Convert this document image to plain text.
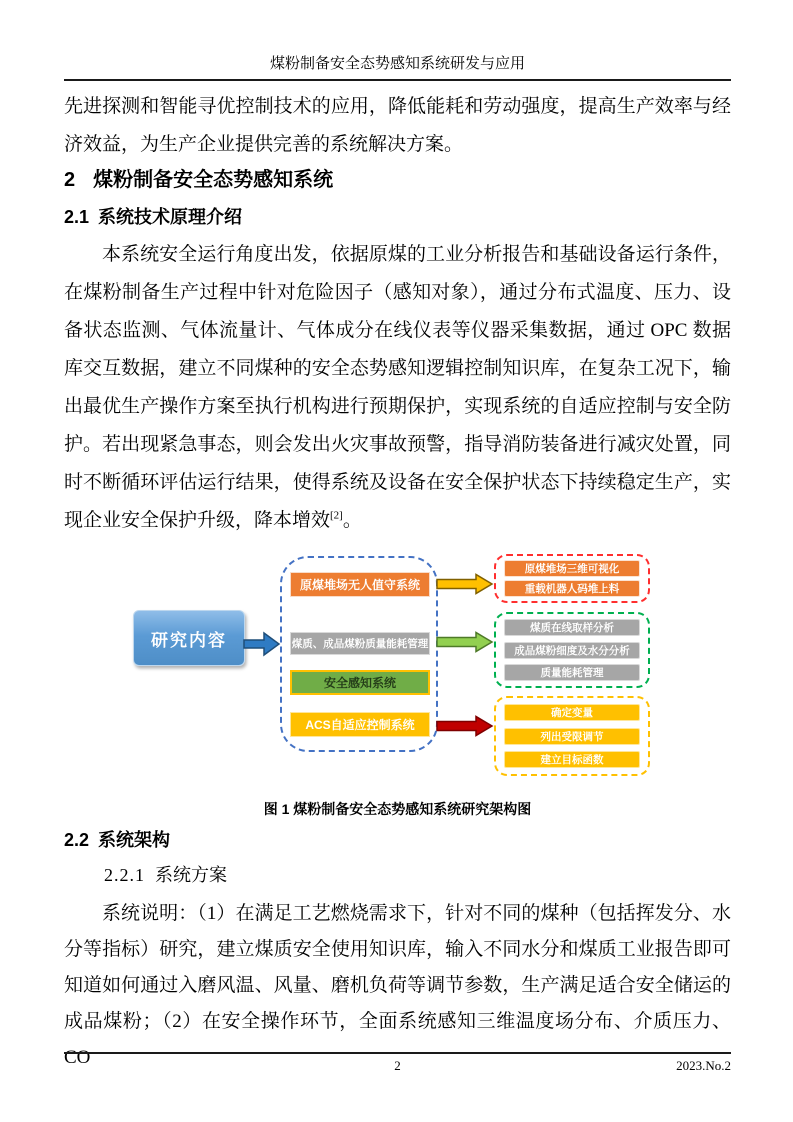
煤粉制备安全态势感知系统研发与应用

先进探测和智能寻优控制技术的应用，降低能耗和劳动强度，提高生产效率与经济效益，为生产企业提供完善的系统解决方案。

2 煤粉制备安全态势感知系统
2.1 系统技术原理介绍

本系统安全运行角度出发，依据原煤的工业分析报告和基础设备运行条件，在煤粉制备生产过程中针对危险因子（感知对象），通过分布式温度、压力、设备状态监测、气体流量计、气体成分在线仪表等仪器采集数据，通过 OPC 数据库交互数据，建立不同煤种的安全态势感知逻辑控制知识库，在复杂工况下，输出最优生产操作方案至执行机构进行预期保护，实现系统的自适应控制与安全防护。若出现紧急事态，则会发出火灾事故预警，指导消防装备进行减灾处置，同时不断循环评估运行结果，使得系统及设备在安全保护状态下持续稳定生产，实现企业安全保护升级，降本增效[2]。

研究内容
原煤堆场无人值守系统
煤质、成品煤粉质量能耗管理
安全感知系统
ACS自适应控制系统
原煤堆场三维可视化
重载机器人码堆上料
煤质在线取样分析
成品煤粉细度及水分分析
质量能耗管理
确定变量
列出受限调节
建立目标函数
图 1 煤粉制备安全态势感知系统研究架构图
2.2 系统架构
2.2.1 系统方案

系统说明：（1）在满足工艺燃烧需求下，针对不同的煤种（包括挥发分、水分等指标）研究，建立煤质安全使用知识库，输入不同水分和煤质工业报告即可知道如何通过入磨风温、风量、磨机负荷等调节参数，生产满足适合安全储运的成品煤粉；（2）在安全操作环节，全面系统感知三维温度场分布、介质压力、CO	2	2023.No.2
